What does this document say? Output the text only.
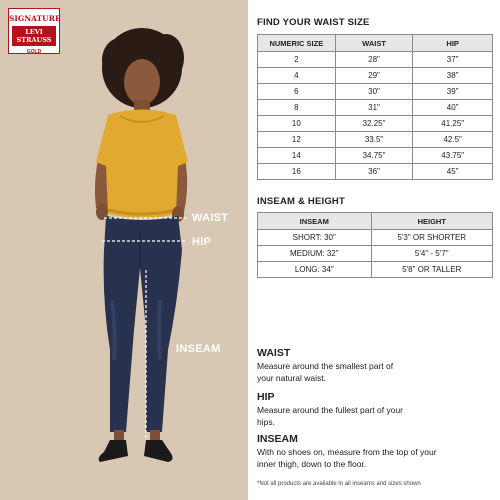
SIGNATURE
LEVI STRAUSS
GOLD
WAIST
HIP
INSEAM
FIND YOUR WAIST SIZE
NUMERIC SIZE	WAIST	HIP
2	28"	37"
4	29"	38"
6	30"	39"
8	31"	40"
10	32.25"	41.25"
12	33.5"	42.5"
14	34.75"	43.75"
16	36"	45"
INSEAM & HEIGHT
INSEAM	HEIGHT
SHORT: 30"	5'3" OR SHORTER
MEDIUM: 32"	5'4" - 5'7"
LONG: 34"	5'8" OR TALLER

WAIST

Measure around the smallest part of your natural waist.

HIP

Measure around the fullest part of your hips.

INSEAM

With no shoes on, measure from the top of your inner thigh, down to the floor.

*Not all products are available in all inseams and sizes shown
